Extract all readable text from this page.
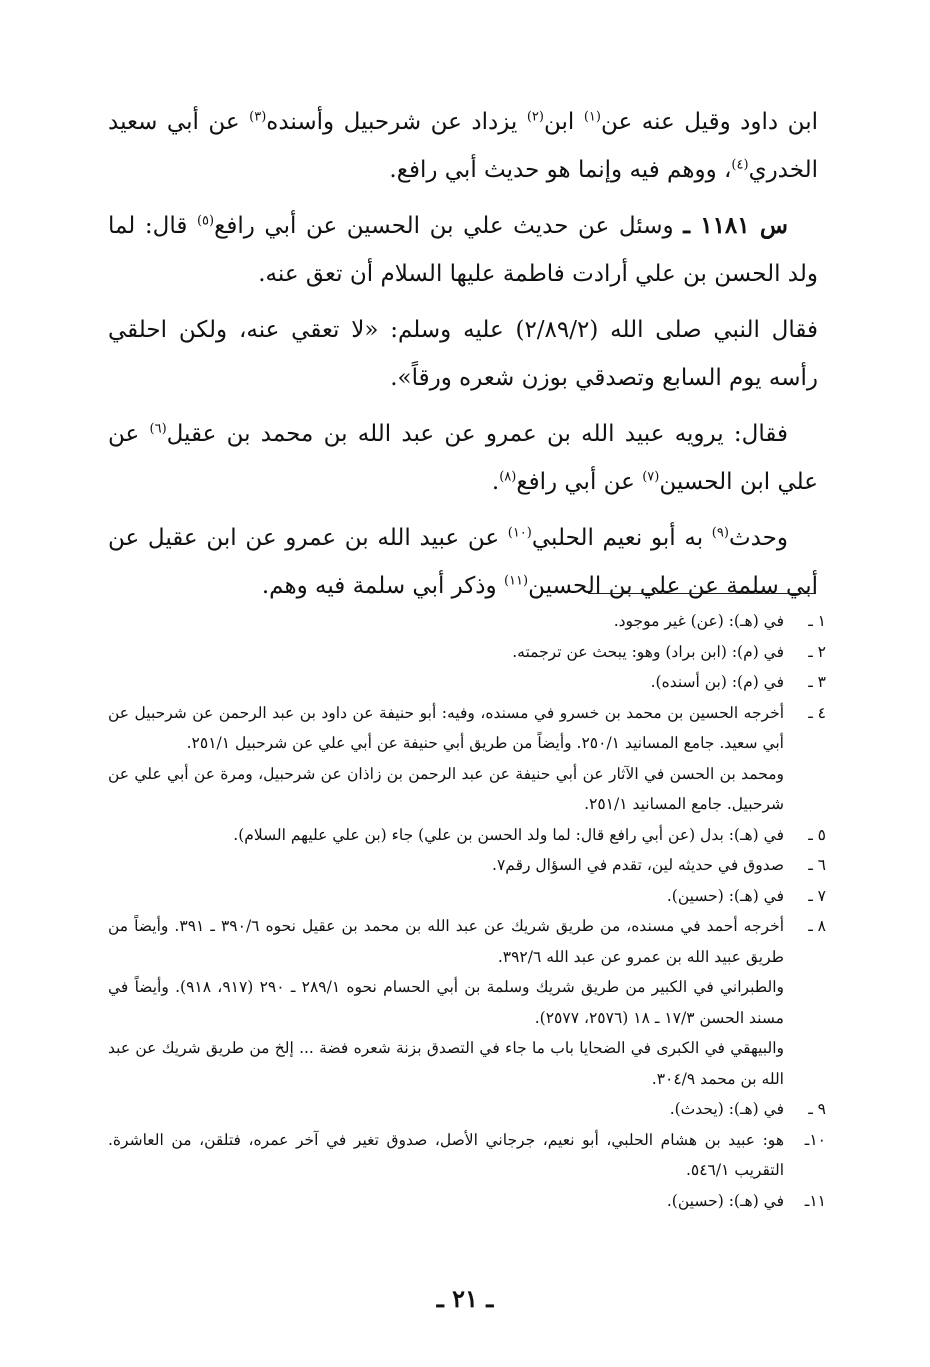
ابن داود وقيل عنه عن$^{(١)}$ ابن$^{(٢)}$ يزداد عن شرحبيل وأسنده$^{(٣)}$ عن أبي سعيد الخدري$^{(٤)}$، ووهم فيه وإنما هو حديث أبي رافع.

س ١١٨١ ـ وسئل عن حديث علي بن الحسين عن أبي رافع$^{(٥)}$ قال: لما ولد الحسن بن علي أرادت فاطمة عليها السلام أن تعق عنه.

فقال النبي صلى الله (٢/٨٩/٢) عليه وسلم: «لا تعقي عنه، ولكن احلقي رأسه يوم السابع وتصدقي بوزن شعره ورقاً».

فقال: يرويه عبيد الله بن عمرو عن عبد الله بن محمد بن عقيل$^{(٦)}$ عن علي ابن الحسين$^{(٧)}$ عن أبي رافع$^{(٨)}$.

وحدث$^{(٩)}$ به أبو نعيم الحلبي$^{(١٠)}$ عن عبيد الله بن عمرو عن ابن عقيل عن أبي سلمة عن علي بن الحسين$^{(١١)}$ وذكر أبي سلمة فيه وهم.

١ ـ
في (هـ): (عن) غير موجود.
٢ ـ
في (م): (ابن براد) وهو: يبحث عن ترجمته.
٣ ـ
في (م): (بن أسنده).
٤ ـ
أخرجه الحسين بن محمد بن خسرو في مسنده، وفيه: أبو حنيفة عن داود بن عبد الرحمن عن شرحبيل عن أبي سعيد. جامع المسانيد ٢٥٠/١. وأيضاً من طريق أبي حنيفة عن أبي علي عن شرحبيل ٢٥١/١.
ومحمد بن الحسن في الآثار عن أبي حنيفة عن عبد الرحمن بن زاذان عن شرحبيل، ومرة عن أبي علي عن شرحبيل. جامع المسانيد ٢٥١/١.
٥ ـ
في (هـ): بدل (عن أبي رافع قال: لما ولد الحسن بن علي) جاء (بن علي عليهم السلام).
٦ ـ
صدوق في حديثه لين، تقدم في السؤال رقم٧.
٧ ـ
في (هـ): (حسين).
٨ ـ
أخرجه أحمد في مسنده، من طريق شريك عن عبد الله بن محمد بن عقيل نحوه ٣٩٠/٦ ـ ٣٩١. وأيضاً من طريق عبيد الله بن عمرو عن عبد الله ٣٩٢/٦.
والطبراني في الكبير من طريق شريك وسلمة بن أبي الحسام نحوه ٢٨٩/١ ـ ٢٩٠ (٩١٧، ٩١٨). وأيضاً في مسند الحسن ١٧/٣ ـ ١٨ (٢٥٧٦، ٢٥٧٧).
والبيهقي في الكبرى في الضحايا باب ما جاء في التصدق بزنة شعره فضة ... إلخ من طريق شريك عن عبد الله بن محمد ٣٠٤/٩.
٩ ـ
في (هـ): (يحدث).
١٠ـ
هو: عبيد بن هشام الحلبي، أبو نعيم، جرجاني الأصل، صدوق تغير في آخر عمره، فتلقن، من العاشرة. التقريب ٥٤٦/١.
١١ـ
في (هـ): (حسين).
ـ ٢١ ـ
